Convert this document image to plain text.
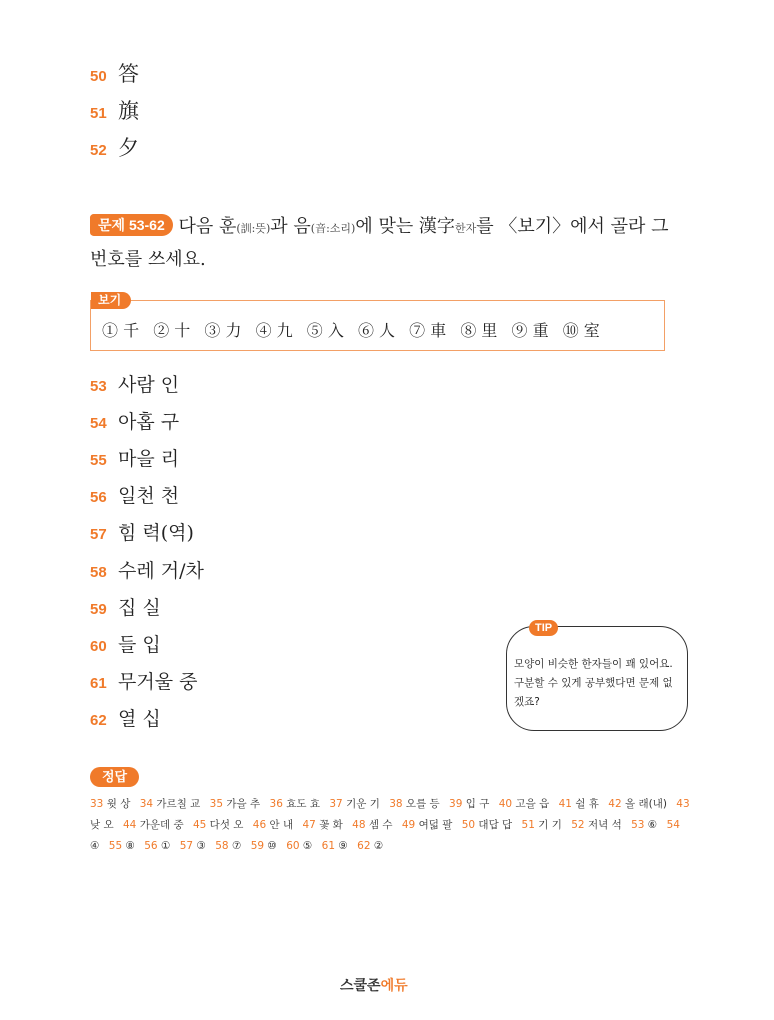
50 答
51 旗
52 夕
문제 53-62 다음 훈(訓:뜻)과 음(音:소리)에 맞는 漢字한자를 〈보기〉에서 골라 그 번호를 쓰세요.
보기
① 千 ② 十 ③ 力 ④ 九 ⑤ 入 ⑥ 人 ⑦ 車 ⑧ 里 ⑨ 重 ⑩ 室
53 사람 인
54 아홉 구
55 마을 리
56 일천 천
57 힘 력(역)
58 수레 거/차
59 집 실
60 들 입
61 무거울 중
62 열 십
TIP
모양이 비슷한 한자들이 꽤 있어요. 구분할 수 있게 공부했다면 문제 없겠죠?
정답
33 윗 상 34 가르칠 교 35 가을 추 36 효도 효 37 기운 기 38 오를 등 39 입 구 40 고을 읍 41 쉴 휴 42 올 래(내) 43 낮 오 44 가운데 중 45 다섯 오 46 안 내 47 꽃 화 48 셈 수 49 여덟 팔 50 대답 답 51 기 기 52 저녁 석 53 ⑥ 54 ④ 55 ⑧ 56 ① 57 ③ 58 ⑦ 59 ⑩ 60 ⑤ 61 ⑨ 62 ②
스쿨존에듀
